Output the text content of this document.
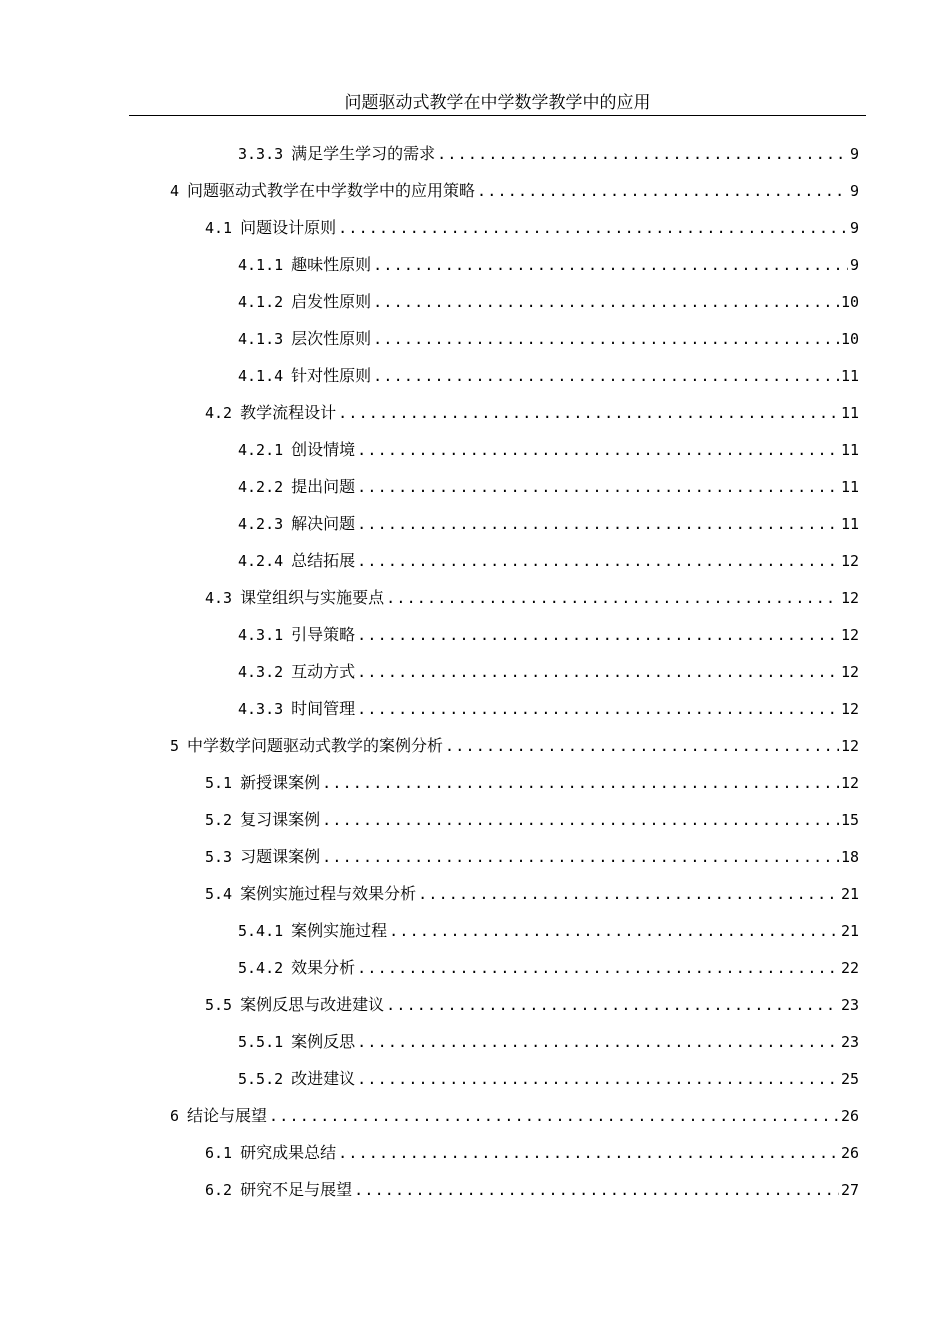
问题驱动式教学在中学数学教学中的应用
3.3.3 满足学生学习的需求 .....	9
4 问题驱动式教学在中学数学中的应用策略 .....	9
4.1 问题设计原则 .....	9
4.1.1 趣味性原则 .....	9
4.1.2 启发性原则 .....	10
4.1.3 层次性原则 .....	10
4.1.4 针对性原则 .....	11
4.2 教学流程设计 .....	11
4.2.1 创设情境 .....	11
4.2.2 提出问题 .....	11
4.2.3 解决问题 .....	11
4.2.4 总结拓展 .....	12
4.3 课堂组织与实施要点 .....	12
4.3.1 引导策略 .....	12
4.3.2 互动方式 .....	12
4.3.3 时间管理 .....	12
5 中学数学问题驱动式教学的案例分析 .....	12
5.1 新授课案例 .....	12
5.2 复习课案例 .....	15
5.3 习题课案例 .....	18
5.4 案例实施过程与效果分析 .....	21
5.4.1 案例实施过程 .....	21
5.4.2 效果分析 .....	22
5.5 案例反思与改进建议 .....	23
5.5.1 案例反思 .....	23
5.5.2 改进建议 .....	25
6 结论与展望 .....	26
6.1 研究成果总结 .....	26
6.2 研究不足与展望 .....	27
